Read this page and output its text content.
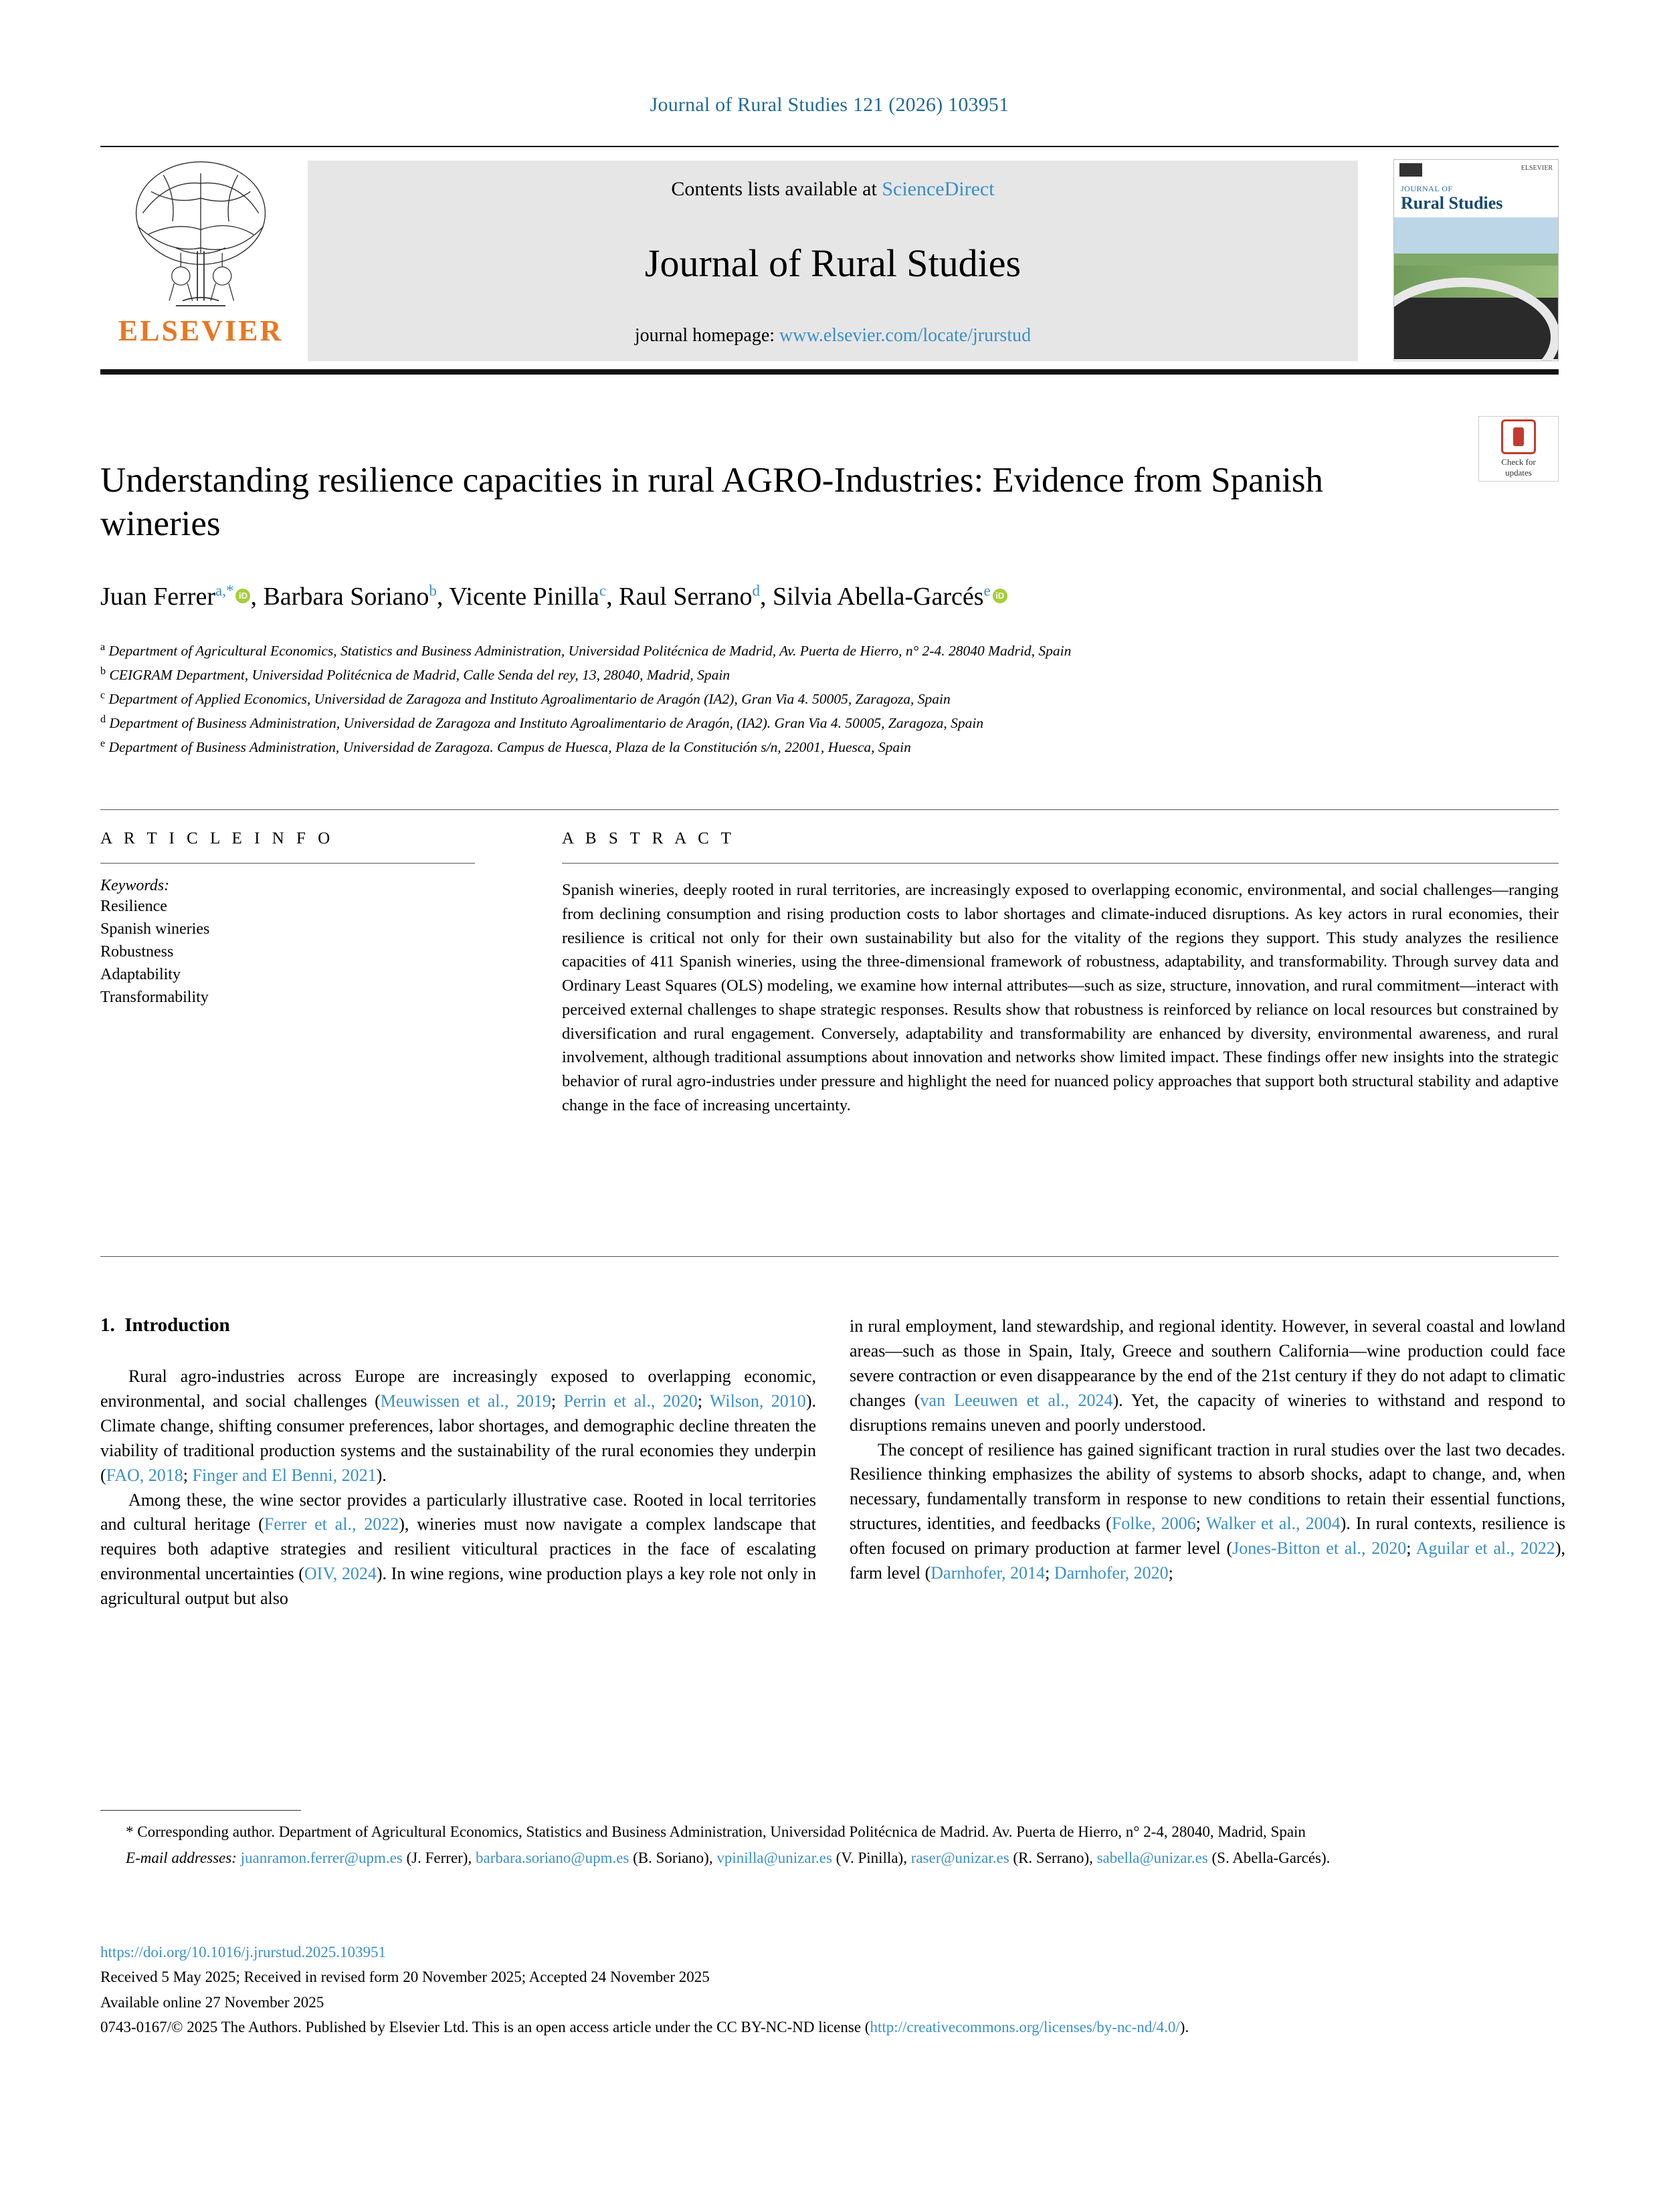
Journal of Rural Studies 121 (2026) 103951
ELSEVIER
Contents lists available at ScienceDirect
Journal of Rural Studies
journal homepage: www.elsevier.com/locate/jrurstud
ELSEVIER
JOURNAL OF
Rural Studies
Check for
updates
Understanding resilience capacities in rural AGRO-Industries: Evidence from Spanish wineries
Juan Ferrer$^{a,*}$ iD , Barbara Soriano$^b$, Vicente Pinilla$^c$, Raul Serrano$^d$, Silvia Abella-Garcés$^e$ iD
$^a$ Department of Agricultural Economics, Statistics and Business Administration, Universidad Politécnica de Madrid, Av. Puerta de Hierro, n° 2-4. 28040 Madrid, Spain
$^b$ CEIGRAM Department, Universidad Politécnica de Madrid, Calle Senda del rey, 13, 28040, Madrid, Spain
$^c$ Department of Applied Economics, Universidad de Zaragoza and Instituto Agroalimentario de Aragón (IA2), Gran Via 4. 50005, Zaragoza, Spain
$^d$ Department of Business Administration, Universidad de Zaragoza and Instituto Agroalimentario de Aragón, (IA2). Gran Via 4. 50005, Zaragoza, Spain
$^e$ Department of Business Administration, Universidad de Zaragoza. Campus de Huesca, Plaza de la Constitución s/n, 22001, Huesca, Spain
A R T I C L E I N F O
Keywords:
Resilience
Spanish wineries
Robustness
Adaptability
Transformability
A B S T R A C T
Spanish wineries, deeply rooted in rural territories, are increasingly exposed to overlapping economic, environmental, and social challenges—ranging from declining consumption and rising production costs to labor shortages and climate-induced disruptions. As key actors in rural economies, their resilience is critical not only for their own sustainability but also for the vitality of the regions they support. This study analyzes the resilience capacities of 411 Spanish wineries, using the three-dimensional framework of robustness, adaptability, and transformability. Through survey data and Ordinary Least Squares (OLS) modeling, we examine how internal attributes—such as size, structure, innovation, and rural commitment—interact with perceived external challenges to shape strategic responses. Results show that robustness is reinforced by reliance on local resources but constrained by diversification and rural engagement. Conversely, adaptability and transformability are enhanced by diversity, environmental awareness, and rural involvement, although traditional assumptions about innovation and networks show limited impact. These findings offer new insights into the strategic behavior of rural agro-industries under pressure and highlight the need for nuanced policy approaches that support both structural stability and adaptive change in the face of increasing uncertainty.
1. Introduction

Rural agro-industries across Europe are increasingly exposed to overlapping economic, environmental, and social challenges (Meuwissen et al., 2019; Perrin et al., 2020; Wilson, 2010). Climate change, shifting consumer preferences, labor shortages, and demographic decline threaten the viability of traditional production systems and the sustainability of the rural economies they underpin (FAO, 2018; Finger and El Benni, 2021).

Among these, the wine sector provides a particularly illustrative case. Rooted in local territories and cultural heritage (Ferrer et al., 2022), wineries must now navigate a complex landscape that requires both adaptive strategies and resilient viticultural practices in the face of escalating environmental uncertainties (OIV, 2024). In wine regions, wine production plays a key role not only in agricultural output but also

in rural employment, land stewardship, and regional identity. However, in several coastal and lowland areas—such as those in Spain, Italy, Greece and southern California—wine production could face severe contraction or even disappearance by the end of the 21st century if they do not adapt to climatic changes (van Leeuwen et al., 2024). Yet, the capacity of wineries to withstand and respond to disruptions remains uneven and poorly understood.

The concept of resilience has gained significant traction in rural studies over the last two decades. Resilience thinking emphasizes the ability of systems to absorb shocks, adapt to change, and, when necessary, fundamentally transform in response to new conditions to retain their essential functions, structures, identities, and feedbacks (Folke, 2006; Walker et al., 2004). In rural contexts, resilience is often focused on primary production at farmer level (Jones-Bitton et al., 2020; Aguilar et al., 2022), farm level (Darnhofer, 2014; Darnhofer, 2020;

* Corresponding author. Department of Agricultural Economics, Statistics and Business Administration, Universidad Politécnica de Madrid. Av. Puerta de Hierro, n° 2-4, 28040, Madrid, Spain

E-mail addresses: juanramon.ferrer@upm.es (J. Ferrer), barbara.soriano@upm.es (B. Soriano), vpinilla@unizar.es (V. Pinilla), raser@unizar.es (R. Serrano), sabella@unizar.es (S. Abella-Garcés).

https://doi.org/10.1016/j.jrurstud.2025.103951

Received 5 May 2025; Received in revised form 20 November 2025; Accepted 24 November 2025

Available online 27 November 2025

0743-0167/© 2025 The Authors. Published by Elsevier Ltd. This is an open access article under the CC BY-NC-ND license (http://creativecommons.org/licenses/by-nc-nd/4.0/).
